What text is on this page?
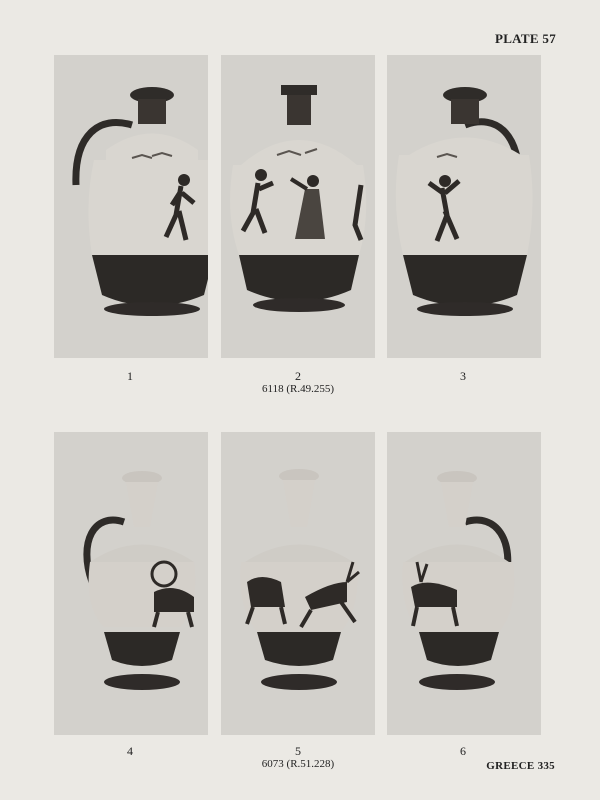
PLATE 57
1	2	3
6118 (R.49.255)
4	5	6
6073 (R.51.228)	GREECE 335
